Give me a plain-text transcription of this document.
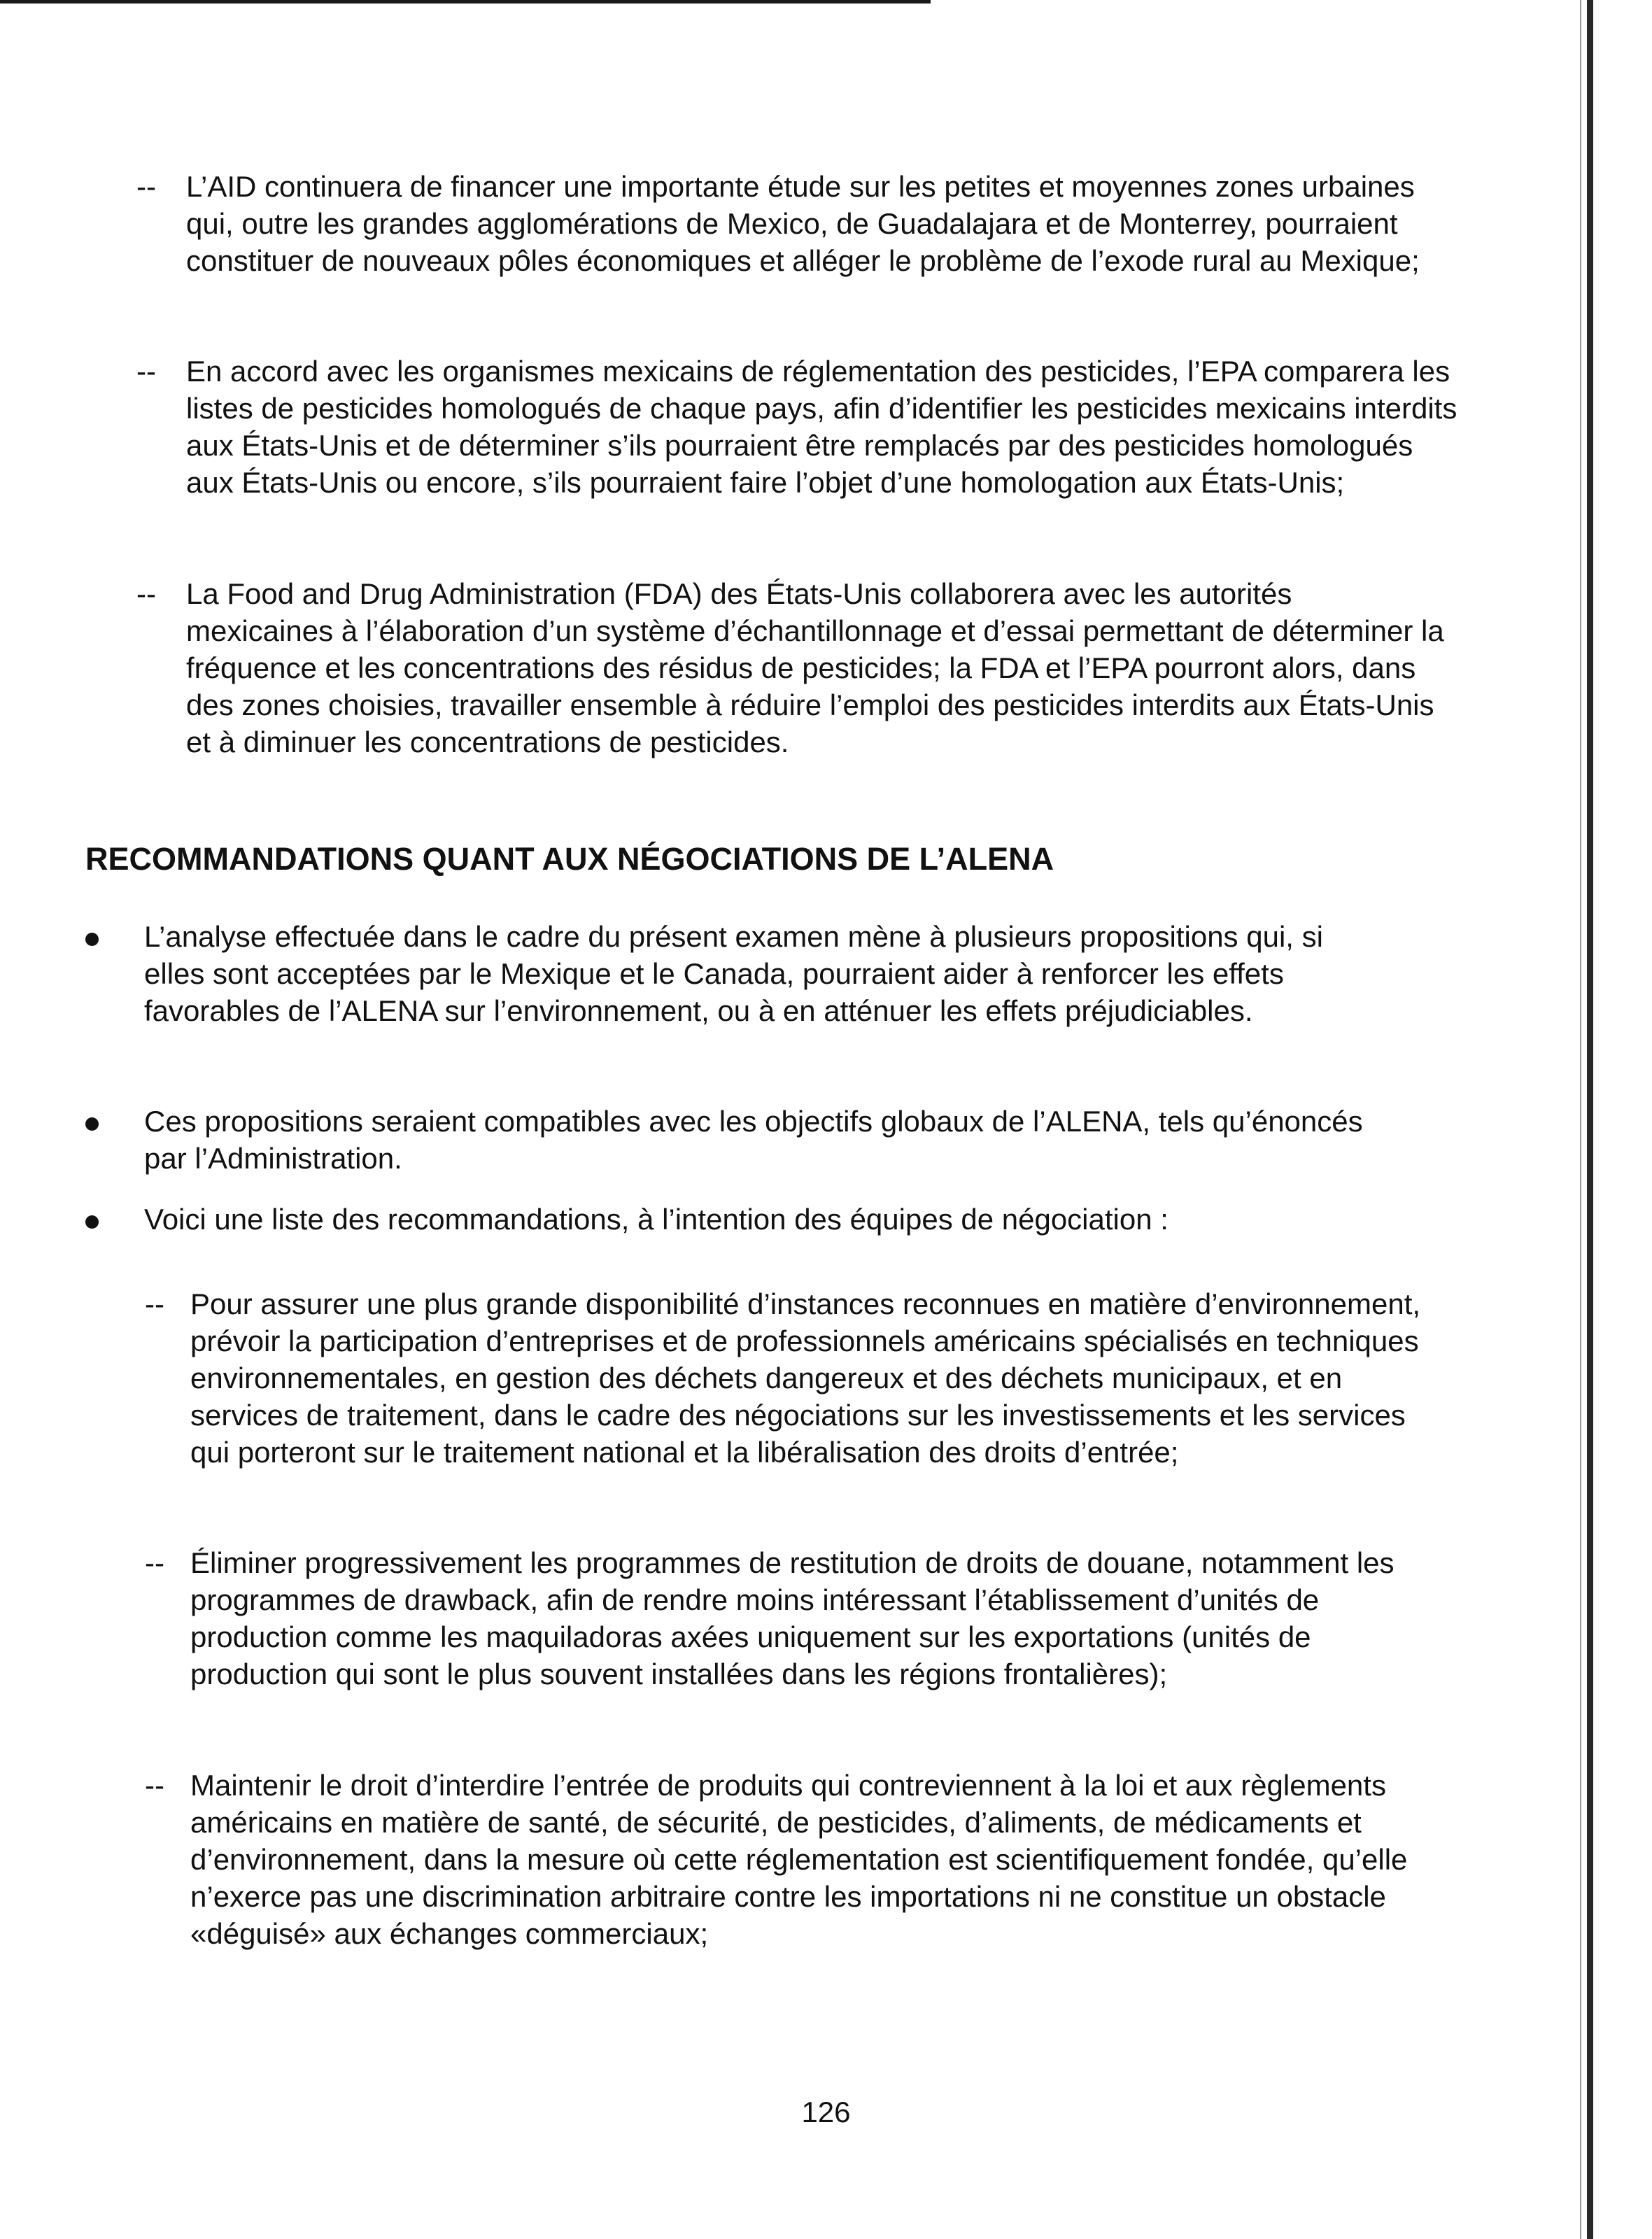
-- L’AID continuera de financer une importante étude sur les petites et moyennes zones urbaines qui, outre les grandes agglomérations de Mexico, de Guadalajara et de Monterrey, pourraient constituer de nouveaux pôles économiques et alléger le problème de l’exode rural au Mexique;

-- En accord avec les organismes mexicains de réglementation des pesticides, l’EPA comparera les listes de pesticides homologués de chaque pays, afin d’identifier les pesticides mexicains interdits aux États-Unis et de déterminer s’ils pourraient être remplacés par des pesticides homologués aux États-Unis ou encore, s’ils pourraient faire l’objet d’une homologation aux États-Unis;

-- La Food and Drug Administration (FDA) des États-Unis collaborera avec les autorités mexicaines à l’élaboration d’un système d’échantillonnage et d’essai permettant de déterminer la fréquence et les concentrations des résidus de pesticides; la FDA et l’EPA pourront alors, dans des zones choisies, travailler ensemble à réduire l’emploi des pesticides interdits aux États-Unis et à diminuer les concentrations de pesticides.

RECOMMANDATIONS QUANT AUX NÉGOCIATIONS DE L’ALENA

L’analyse effectuée dans le cadre du présent examen mène à plusieurs propositions qui, si elles sont acceptées par le Mexique et le Canada, pourraient aider à renforcer les effets favorables de l’ALENA sur l’environnement, ou à en atténuer les effets préjudiciables.

Ces propositions seraient compatibles avec les objectifs globaux de l’ALENA, tels qu’énoncés par l’Administration.

Voici une liste des recommandations, à l’intention des équipes de négociation :

-- Pour assurer une plus grande disponibilité d’instances reconnues en matière d’environnement, prévoir la participation d’entreprises et de professionnels américains spécialisés en techniques environnementales, en gestion des déchets dangereux et des déchets municipaux, et en services de traitement, dans le cadre des négociations sur les investissements et les services qui porteront sur le traitement national et la libéralisation des droits d’entrée;

-- Éliminer progressivement les programmes de restitution de droits de douane, notamment les programmes de drawback, afin de rendre moins intéressant l’établissement d’unités de production comme les maquiladoras axées uniquement sur les exportations (unités de production qui sont le plus souvent installées dans les régions frontalières);

-- Maintenir le droit d’interdire l’entrée de produits qui contreviennent à la loi et aux règlements américains en matière de santé, de sécurité, de pesticides, d’aliments, de médicaments et d’environnement, dans la mesure où cette réglementation est scientifiquement fondée, qu’elle n’exerce pas une discrimination arbitraire contre les importations ni ne constitue un obstacle «déguisé» aux échanges commerciaux;

126
